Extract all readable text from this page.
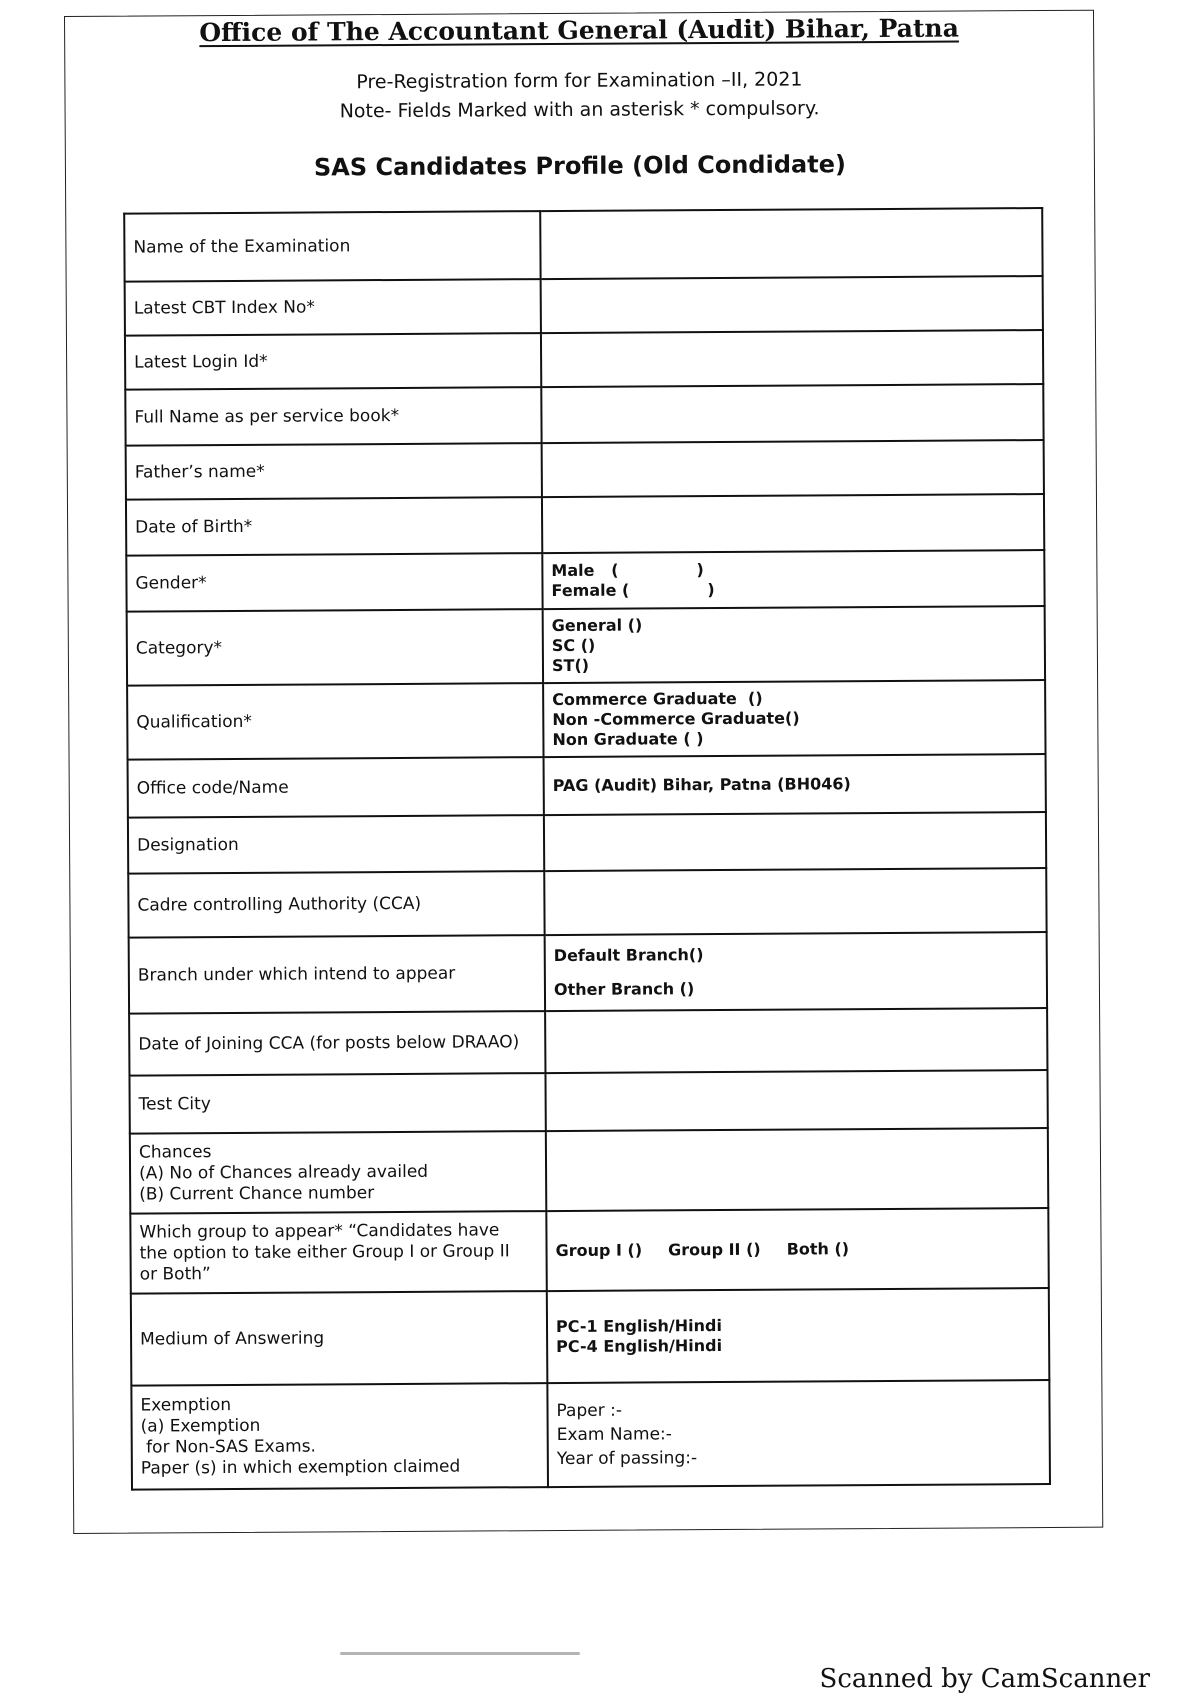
Office of The Accountant General (Audit) Bihar, Patna
Pre-Registration form for Examination –II, 2021
Note- Fields Marked with an asterisk * compulsory.
SAS Candidates Profile (Old Condidate)
Name of the Examination	
Latest CBT Index No*	
Latest Login Id*	
Full Name as per service book*	
Father’s name*	
Date of Birth*	
Gender*	Male   (              )
Female (              )

Category*	General ()
SC ()
ST()

Qualification*	Commerce Graduate  ()
Non -Commerce Graduate()
Non Graduate ( )

Office code/Name	PAG (Audit) Bihar, Patna (BH046)
Designation	
Cadre controlling Authority (CCA)	
Branch under which intend to appear	Default Branch()
Other Branch ()

Date of Joining CCA (for posts below DRAAO)	
Test City	

Chances
(A) No of Chances already availed
(B) Current Chance number	

Which group to appear* “Candidates have
the option to take either Group I or Group II
or Both”	Group I () Group II () Both ()
Medium of Answering	PC-1 English/Hindi
PC-4 English/Hindi

Exemption
(a) Exemption
for Non-SAS Exams.
Paper (s) in which exemption claimed	Paper :-
Exam Name:-
Year of passing:-
Scanned by CamScanner
